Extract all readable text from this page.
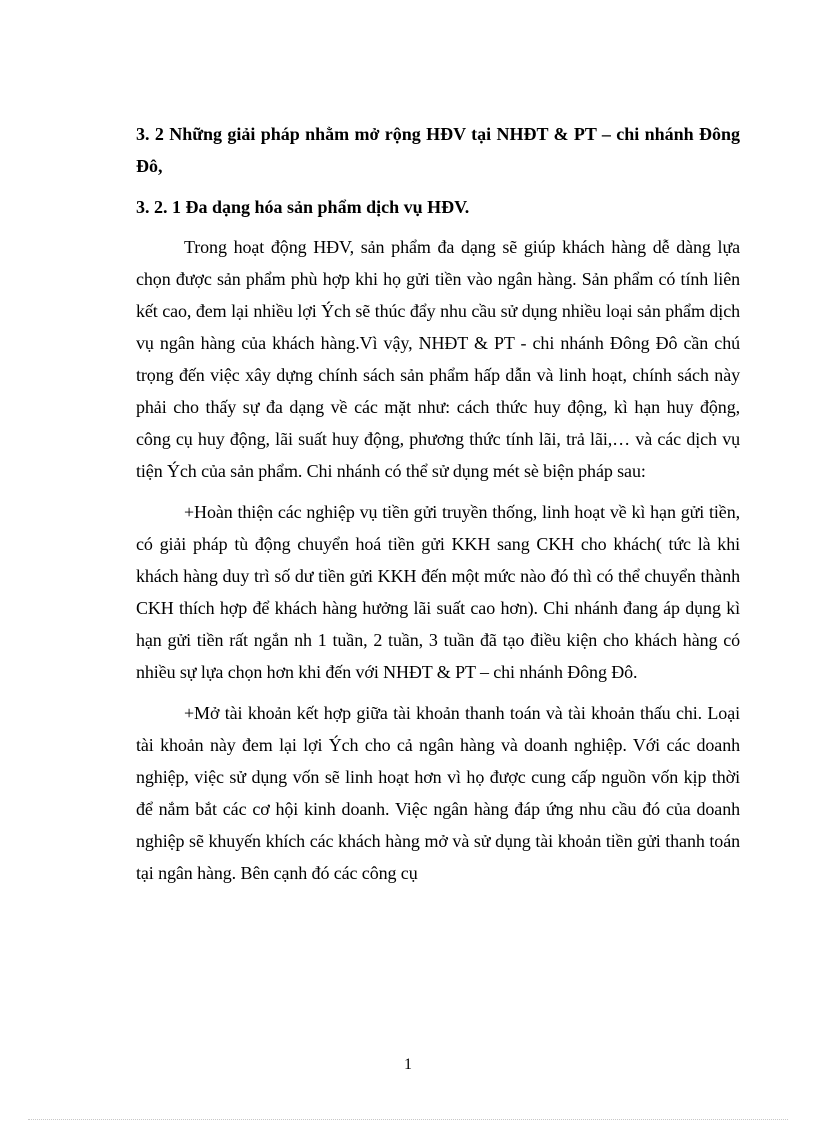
3. 2 Những giải pháp nhằm mở rộng HĐV tại NHĐT & PT – chi nhánh Đông Đô,

3. 2. 1 Đa dạng hóa sản phẩm dịch vụ HĐV.

Trong hoạt động HĐV, sản phẩm đa dạng sẽ giúp khách hàng dễ dàng lựa chọn được sản phẩm phù hợp khi họ gửi tiền vào ngân hàng. Sản phẩm có tính liên kết cao, đem lại nhiều lợi Ých sẽ thúc đẩy nhu cầu sử dụng nhiều loại sản phẩm dịch vụ ngân hàng của khách hàng.Vì vậy, NHĐT & PT - chi nhánh Đông Đô cần chú trọng đến việc xây dựng chính sách sản phẩm hấp dẫn và linh hoạt, chính sách này phải cho thấy sự đa dạng về các mặt như: cách thức huy động, kì hạn huy động, công cụ huy động, lãi suất huy động, phương thức tính lãi, trả lãi,… và các dịch vụ tiện Ých của sản phẩm. Chi nhánh có thể sử dụng mét sè biện pháp sau:

+Hoàn thiện các nghiệp vụ tiền gửi truyền thống, linh hoạt về kì hạn gửi tiền, có giải pháp tù động chuyển hoá tiền gửi KKH sang CKH cho khách( tức là khi khách hàng duy trì số dư tiền gửi KKH đến một mức nào đó thì có thể chuyển thành CKH thích hợp để khách hàng hưởng lãi suất cao hơn). Chi nhánh đang áp dụng kì hạn gửi tiền rất ngắn nh 1 tuần, 2 tuần, 3 tuần đã tạo điều kiện cho khách hàng có nhiều sự lựa chọn hơn khi đến với NHĐT & PT – chi nhánh Đông Đô.

+Mở tài khoản kết hợp giữa tài khoản thanh toán và tài khoản thấu chi. Loại tài khoản này đem lại lợi Ých cho cả ngân hàng và doanh nghiệp. Với các doanh nghiệp, việc sử dụng vốn sẽ linh hoạt hơn vì họ được cung cấp nguồn vốn kịp thời để nắm bắt các cơ hội kinh doanh. Việc ngân hàng đáp ứng nhu cầu đó của doanh nghiệp sẽ khuyến khích các khách hàng mở và sử dụng tài khoản tiền gửi thanh toán tại ngân hàng. Bên cạnh đó các công cụ

1
